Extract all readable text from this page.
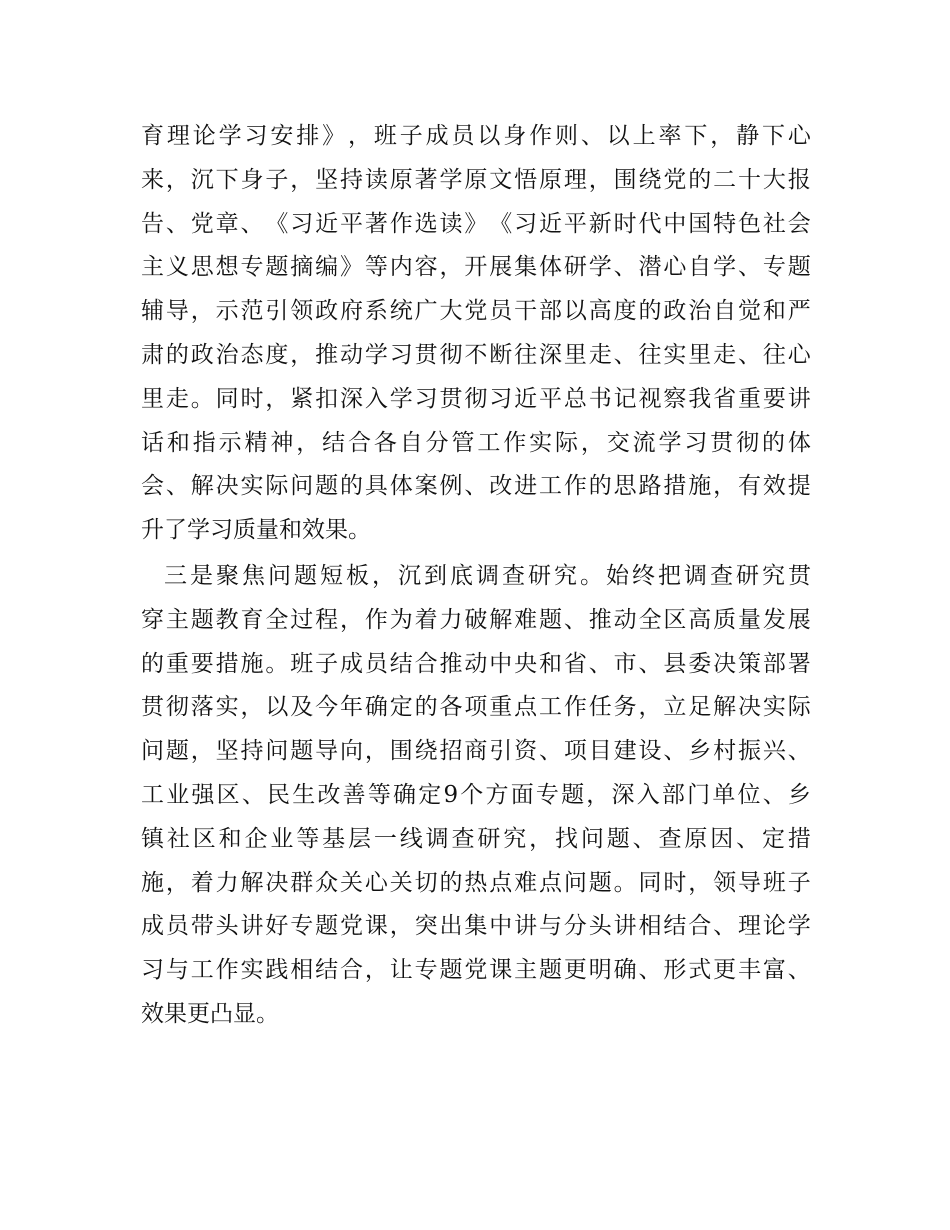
育 理 论 学 习 安 排 》 ， 班 子 成 员 以 身 作 则 、 以 上 率 下 ， 静 下 心
来 ， 沉 下 身 子 ， 坚 持 读 原 著 学 原 文 悟 原 理 ， 围 绕 党 的 二 十 大 报
告 、 党 章 、 《 习 近 平 著 作 选 读 》 《 习 近 平 新 时 代 中 国 特 色 社 会
主 义 思 想 专 题 摘 编 》 等 内 容 ， 开 展 集 体 研 学 、 潜 心 自 学 、 专 题
辅 导 ， 示 范 引 领 政 府 系 统 广 大 党 员 干 部 以 高 度 的 政 治 自 觉 和 严
肃 的 政 治 态 度 ， 推 动 学 习 贯 彻 不 断 往 深 里 走 、 往 实 里 走 、 往 心
里 走 。 同 时 ， 紧 扣 深 入 学 习 贯 彻 习 近 平 总 书 记 视 察 我 省 重 要 讲
话 和 指 示 精 神 ， 结 合 各 自 分 管 工 作 实 际 ， 交 流 学 习 贯 彻 的 体
会 、 解 决 实 际 问 题 的 具 体 案 例 、 改 进 工 作 的 思 路 措 施 ， 有 效 提
升了学习质量和效果。
三 是 聚 焦 问 题 短 板 ， 沉 到 底 调 查 研 究 。 始 终 把 调 查 研 究 贯
穿 主 题 教 育 全 过 程 ， 作 为 着 力 破 解 难 题 、 推 动 全 区 高 质 量 发 展
的 重 要 措 施 。 班 子 成 员 结 合 推 动 中 央 和 省 、 市 、 县 委 决 策 部 署
贯 彻 落 实 ， 以 及 今 年 确 定 的 各 项 重 点 工 作 任 务 ， 立 足 解 决 实 际
问 题 ， 坚 持 问 题 导 向 ， 围 绕 招 商 引 资 、 项 目 建 设 、 乡 村 振 兴 、
工 业 强 区 、 民 生 改 善 等 确 定 9 个 方 面 专 题 ， 深 入 部 门 单 位 、 乡
镇 社 区 和 企 业 等 基 层 一 线 调 查 研 究 ， 找 问 题 、 查 原 因 、 定 措
施 ， 着 力 解 决 群 众 关 心 关 切 的 热 点 难 点 问 题 。 同 时 ， 领 导 班 子
成 员 带 头 讲 好 专 题 党 课 ， 突 出 集 中 讲 与 分 头 讲 相 结 合 、 理 论 学
习 与 工 作 实 践 相 结 合 ， 让 专 题 党 课 主 题 更 明 确 、 形 式 更 丰 富 、
效果更凸显。
